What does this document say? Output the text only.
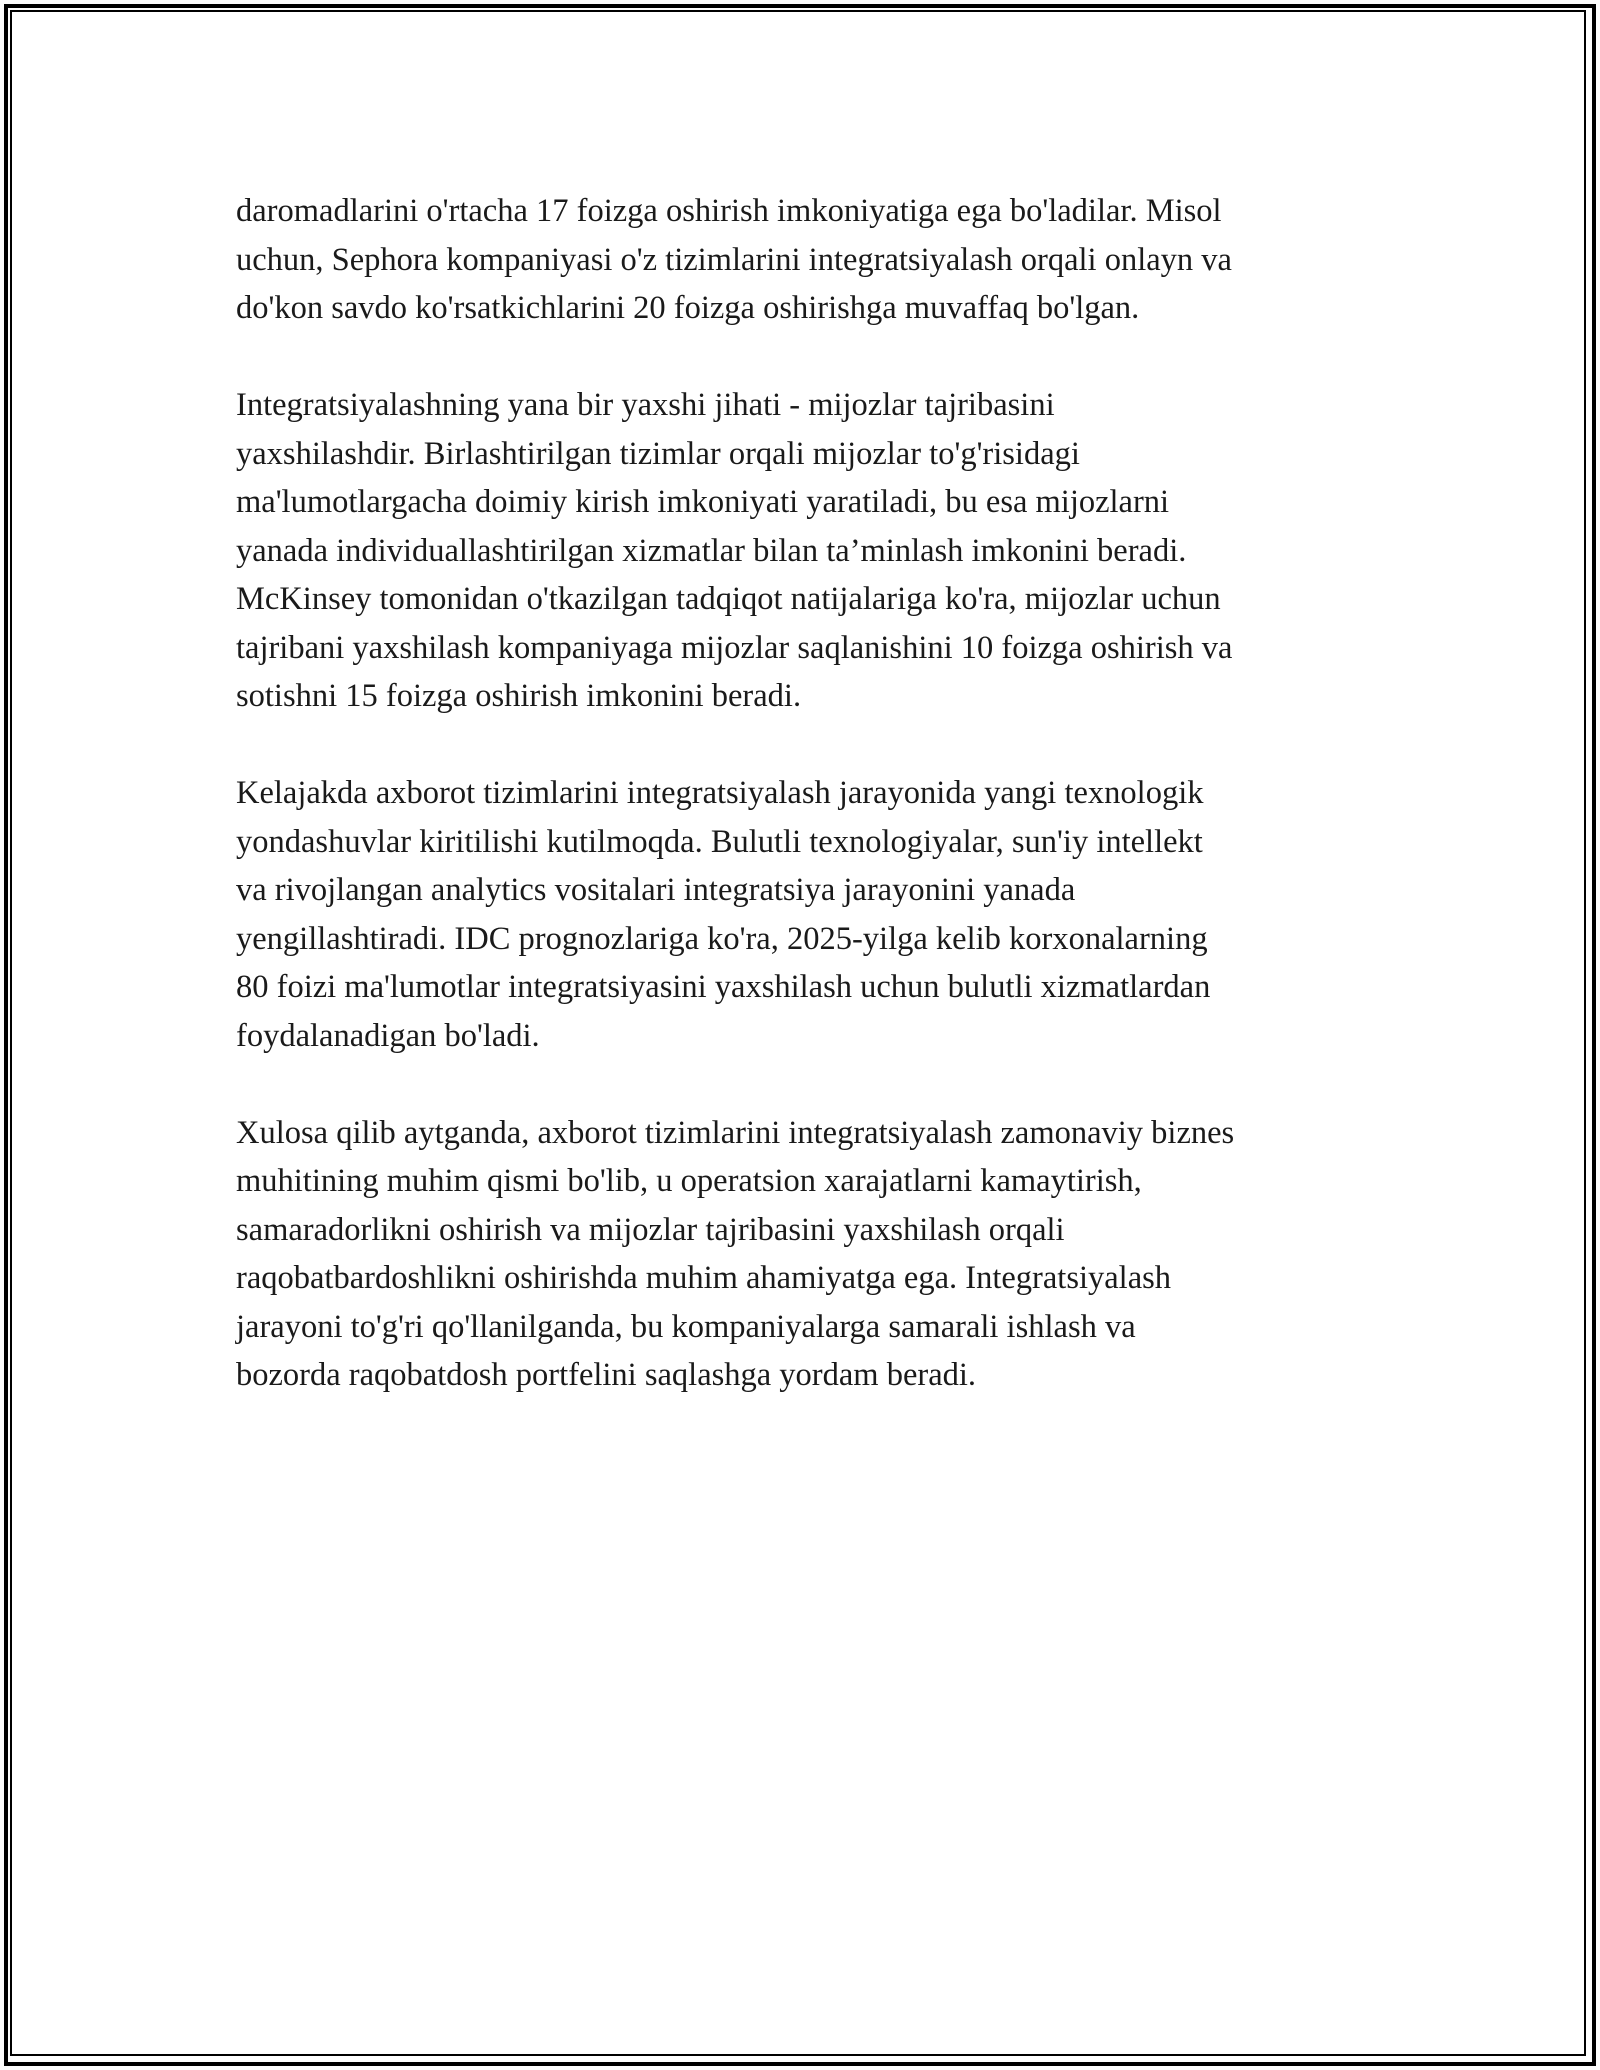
daromadlarini o'rtacha 17 foizga oshirish imkoniyatiga ega bo'ladilar. Misol
uchun, Sephora kompaniyasi o'z tizimlarini integratsiyalash orqali onlayn va
do'kon savdo ko'rsatkichlarini 20 foizga oshirishga muvaffaq bo'lgan.

Integratsiyalashning yana bir yaxshi jihati - mijozlar tajribasini
yaxshilashdir. Birlashtirilgan tizimlar orqali mijozlar to'g'risidagi
ma'lumotlargacha doimiy kirish imkoniyati yaratiladi, bu esa mijozlarni
yanada individuallashtirilgan xizmatlar bilan ta’minlash imkonini beradi.
McKinsey tomonidan o'tkazilgan tadqiqot natijalariga ko'ra, mijozlar uchun
tajribani yaxshilash kompaniyaga mijozlar saqlanishini 10 foizga oshirish va
sotishni 15 foizga oshirish imkonini beradi.

Kelajakda axborot tizimlarini integratsiyalash jarayonida yangi texnologik
yondashuvlar kiritilishi kutilmoqda. Bulutli texnologiyalar, sun'iy intellekt
va rivojlangan analytics vositalari integratsiya jarayonini yanada
yengillashtiradi. IDC prognozlariga ko'ra, 2025-yilga kelib korxonalarning
80 foizi ma'lumotlar integratsiyasini yaxshilash uchun bulutli xizmatlardan
foydalanadigan bo'ladi.

Xulosa qilib aytganda, axborot tizimlarini integratsiyalash zamonaviy biznes
muhitining muhim qismi bo'lib, u operatsion xarajatlarni kamaytirish,
samaradorlikni oshirish va mijozlar tajribasini yaxshilash orqali
raqobatbardoshlikni oshirishda muhim ahamiyatga ega. Integratsiyalash
jarayoni to'g'ri qo'llanilganda, bu kompaniyalarga samarali ishlash va
bozorda raqobatdosh portfelini saqlashga yordam beradi.
